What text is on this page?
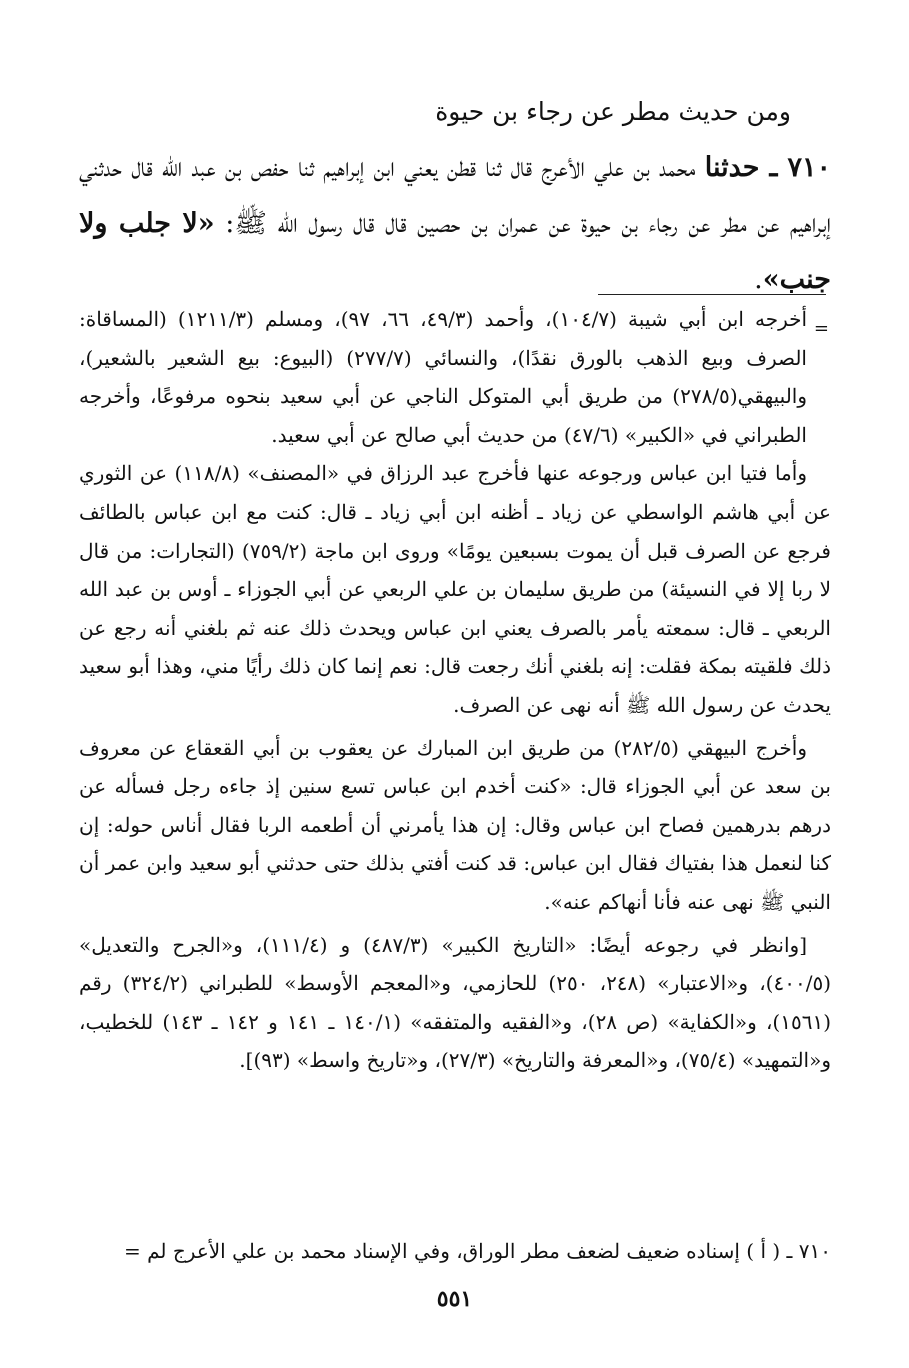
ومن حديث مطر عن رجاء بن حيوة
٧١٠ ـ حدثنا محمد بن علي الأعرج قال ثنا قطن يعني ابن إبراهيم ثنا حفص بن عبد الله قال حدثني إبراهيم عن مطر عن رجاء بن حيوة عن عمران بن حصين قال قال رسول الله ﷺ: «لا جلب ولا جنب».
=

أخرجه ابن أبي شيبة (١٠٤/٧)، وأحمد (٤٩/٣، ٦٦، ٩٧)، ومسلم (١٢١١/٣) (المساقاة: الصرف وبيع الذهب بالورق نقدًا)، والنسائي (٢٧٧/٧) (البيوع: بيع الشعير بالشعير)، والبيهقي(٢٧٨/٥) من طريق أبي المتوكل الناجي عن أبي سعيد بنحوه مرفوعًا، وأخرجه الطبراني في «الكبير» (٤٧/٦) من حديث أبي صالح عن أبي سعيد.

وأما فتيا ابن عباس ورجوعه عنها فأخرج عبد الرزاق في «المصنف» (١١٨/٨) عن الثوري عن أبي هاشم الواسطي عن زياد ـ أظنه ابن أبي زياد ـ قال: كنت مع ابن عباس بالطائف فرجع عن الصرف قبل أن يموت بسبعين يومًا» وروى ابن ماجة (٧٥٩/٢) (التجارات: من قال لا ربا إلا في النسيئة) من طريق سليمان بن علي الربعي عن أبي الجوزاء ـ أوس بن عبد الله الربعي ـ قال: سمعته يأمر بالصرف يعني ابن عباس ويحدث ذلك عنه ثم بلغني أنه رجع عن ذلك فلقيته بمكة فقلت: إنه بلغني أنك رجعت قال: نعم إنما كان ذلك رأيًا مني، وهذا أبو سعيد يحدث عن رسول الله ﷺ أنه نهى عن الصرف.

وأخرج البيهقي (٢٨٢/٥) من طريق ابن المبارك عن يعقوب بن أبي القعقاع عن معروف بن سعد عن أبي الجوزاء قال: «كنت أخدم ابن عباس تسع سنين إذ جاءه رجل فسأله عن درهم بدرهمين فصاح ابن عباس وقال: إن هذا يأمرني أن أطعمه الربا فقال أناس حوله: إن كنا لنعمل هذا بفتياك فقال ابن عباس: قد كنت أفتي بذلك حتى حدثني أبو سعيد وابن عمر أن النبي ﷺ نهى عنه فأنا أنهاكم عنه».

[وانظر في رجوعه أيضًا: «التاريخ الكبير» (٤٨٧/٣) و (١١١/٤)، و«الجرح والتعديل» (٤٠٠/٥)، و«الاعتبار» (٢٤٨، ٢٥٠) للحازمي، و«المعجم الأوسط» للطبراني (٣٢٤/٢) رقم (١٥٦١)، و«الكفاية» (ص ٢٨)، و«الفقيه والمتفقه» (١٤٠/١ ـ ١٤١ و ١٤٢ ـ ١٤٣) للخطيب، و«التمهيد» (٧٥/٤)، و«المعرفة والتاريخ» (٢٧/٣)، و«تاريخ واسط» (٩٣)].

٧١٠ ـ ( أ ) إسناده ضعيف لضعف مطر الوراق، وفي الإسناد محمد بن علي الأعرج لم =
٥٥١
